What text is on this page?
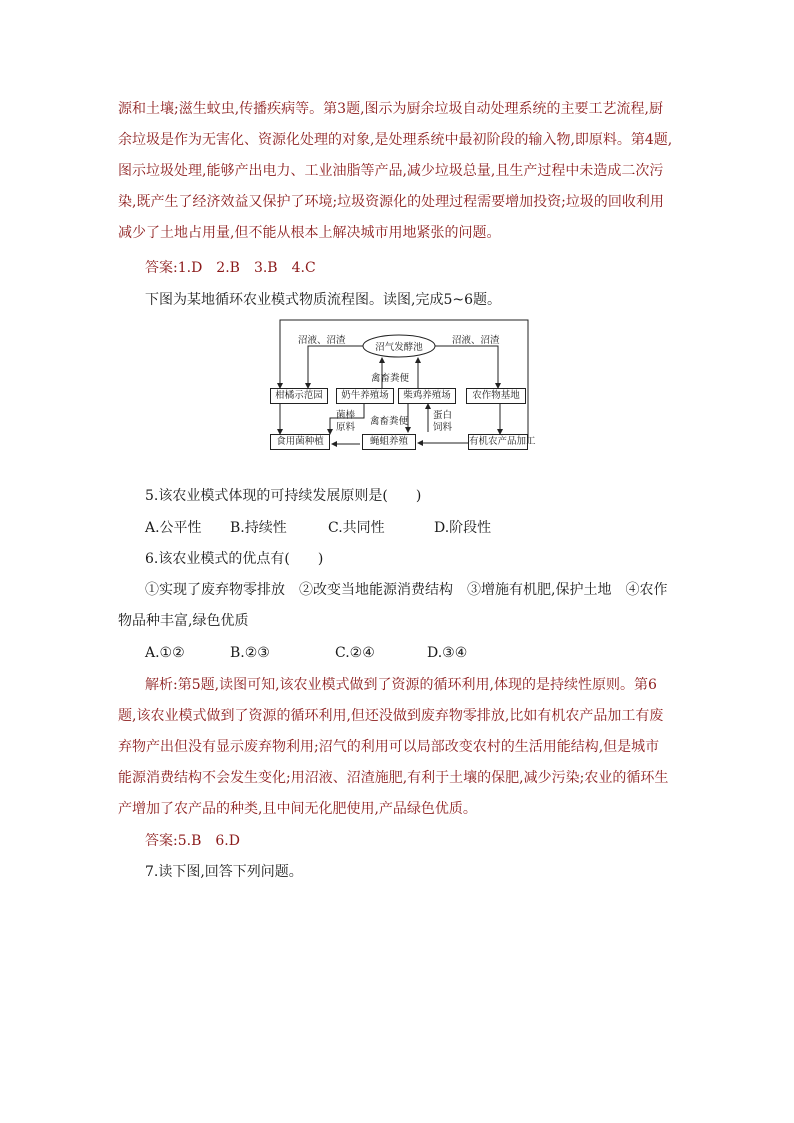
源和土壤;滋生蚊虫,传播疾病等。第3题,图示为厨余垃圾自动处理系统的主要工艺流程,厨
余垃圾是作为无害化、资源化处理的对象,是处理系统中最初阶段的输入物,即原料。第4题,
图示垃圾处理,能够产出电力、工业油脂等产品,减少垃圾总量,且生产过程中未造成二次污
染,既产生了经济效益又保护了环境;垃圾资源化的处理过程需要增加投资;垃圾的回收利用
减少了土地占用量,但不能从根本上解决城市用地紧张的问题。
答案:1.D　2.B　3.B　4.C
下图为某地循环农业模式物质流程图。读图,完成5~6题。
沼气发酵池
沼液、沼渣	沼液、沼渣
柑橘示范园	奶牛养殖场	柴鸡养殖场	农作物基地
食用菌种植	蝇蛆养殖	有机农产品加工
禽畜粪便
菌棒
原料
禽畜粪便
蛋白
饲料
5.该农业模式体现的可持续发展原则是(　　)
A.公平性 B.持续性	C.共同性	D.阶段性
6.该农业模式的优点有(　　)
①实现了废弃物零排放　②改变当地能源消费结构　③增施有机肥,保护土地　④农作
物品种丰富,绿色优质
A.①②	B.②③	C.②④	D.③④
解析:第5题,读图可知,该农业模式做到了资源的循环利用,体现的是持续性原则。第6
题,该农业模式做到了资源的循环利用,但还没做到废弃物零排放,比如有机农产品加工有废
弃物产出但没有显示废弃物利用;沼气的利用可以局部改变农村的生活用能结构,但是城市
能源消费结构不会发生变化;用沼液、沼渣施肥,有利于土壤的保肥,减少污染;农业的循环生
产增加了农产品的种类,且中间无化肥使用,产品绿色优质。
答案:5.B　6.D
7.读下图,回答下列问题。
